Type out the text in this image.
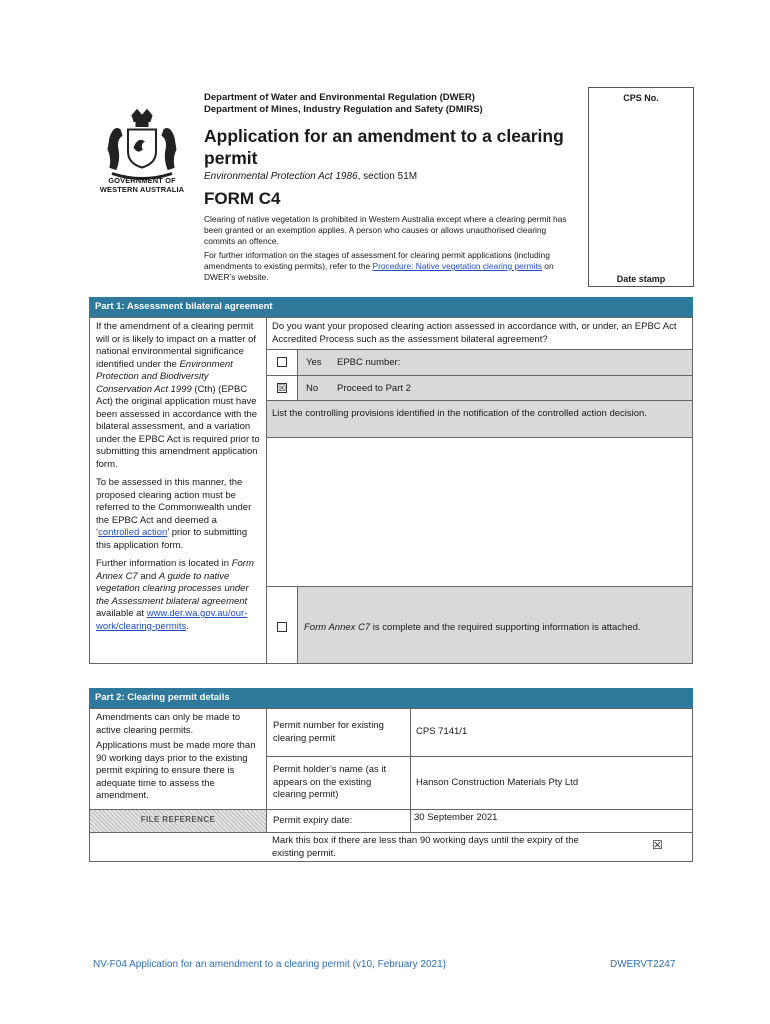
GOVERNMENT OF
WESTERN AUSTRALIA
Department of Water and Environmental Regulation (DWER)
Department of Mines, Industry Regulation and Safety (DMIRS)
Application for an amendment to a clearing permit
Environmental Protection Act 1986, section 51M
FORM C4

Clearing of native vegetation is prohibited in Western Australia except where a clearing permit has been granted or an exemption applies. A person who causes or allows unauthorised clearing commits an offence.

For further information on the stages of assessment for clearing permit applications (including amendments to existing permits), refer to the Procedure: Native vegetation clearing permits on DWER’s website.

CPS No.
Date stamp
Part 1: Assessment bilateral agreement

If the amendment of a clearing permit will or is likely to impact on a matter of national environmental significance identified under the Environment Protection and Biodiversity Conservation Act 1999 (Cth) (EPBC Act) the original application must have been assessed in accordance with the bilateral assessment, and a variation under the EPBC Act is required prior to submitting this amendment application form.

To be assessed in this manner, the proposed clearing action must be referred to the Commonwealth under the EPBC Act and deemed a ‘controlled action’ prior to submitting this application form.

Further information is located in Form Annex C7 and A guide to native vegetation clearing processes under the Assessment bilateral agreement available at www.der.wa.gov.au/our-work/clearing-permits.

Do you want your proposed clearing action assessed in accordance with, or under, an EPBC Act Accredited Process such as the assessment bilateral agreement?
Yes EPBC number:
☒ No Proceed to Part 2
List the controlling provisions identified in the notification of the controlled action decision.
Form Annex C7 is complete and the required supporting information is attached.
Part 2: Clearing permit details

Amendments can only be made to active clearing permits.

Applications must be made more than 90 working days prior to the existing permit expiring to ensure there is adequate time to assess the amendment.

FILE REFERENCE
Permit number for existing clearing permit
CPS 7141/1
Permit holder’s name (as it appears on the existing clearing permit)
Hanson Construction Materials Pty Ltd
Permit expiry date:	30 September 2021
Mark this box if there are less than 90 working days until the expiry of the existing permit.
☒
NV-F04 Application for an amendment to a clearing permit (v10, February 2021)	DWERVT2247
